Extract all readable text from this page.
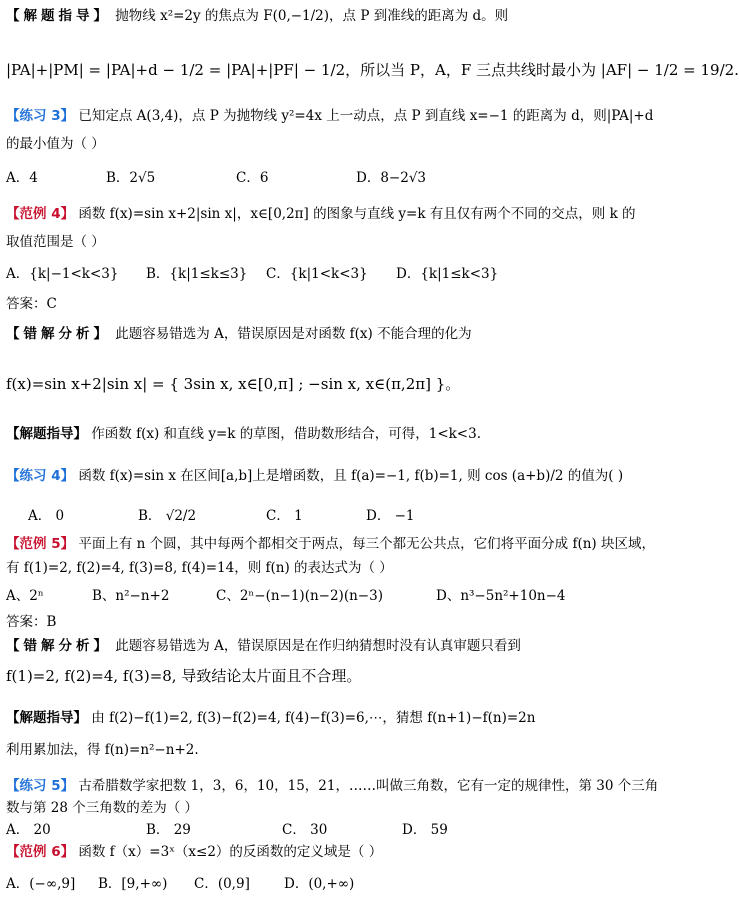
【解题指导】 抛物线 x²=2y 的焦点为 F(0,−1/2)，点 P 到准线的距离为 d。则
|PA|+|PM| = |PA|+d − 1/2 = |PA|+|PF| − 1/2，所以当 P，A，F 三点共线时最小为 |AF| − 1/2 = 19/2.
【练习 3】 已知定点 A(3,4)，点 P 为抛物线 y²=4x 上一动点，点 P 到直线 x=−1 的距离为 d，则|PA|+d
的最小值为（ ）
A．4	B．2√5	C．6	D．8−2√3
【范例 4】 函数 f(x)=sin x+2|sin x|，x∈[0,2π] 的图象与直线 y=k 有且仅有两个不同的交点，则 k 的
取值范围是（ ）
A．{k|−1<k<3}	B．{k|1≤k≤3}	C．{k|1<k<3}	D．{k|1≤k<3}
答案：C
【错解分析】 此题容易错选为 A，错误原因是对函数 f(x) 不能合理的化为
f(x)=sin x+2|sin x| = { 3sin x, x∈[0,π] ; −sin x, x∈(π,2π] }。
【解题指导】 作函数 f(x) 和直线 y=k 的草图，借助数形结合，可得，1<k<3.
【练习 4】 函数 f(x)=sin x 在区间[a,b]上是增函数，且 f(a)=−1, f(b)=1, 则 cos (a+b)/2 的值为( )
A． 0	B． √2/2	C． 1	D． −1
【范例 5】 平面上有 n 个圆，其中每两个都相交于两点，每三个都无公共点，它们将平面分成 f(n) 块区域，
有 f(1)=2, f(2)=4, f(3)=8, f(4)=14，则 f(n) 的表达式为（ ）
A、2ⁿ	B、n²−n+2	C、2ⁿ−(n−1)(n−2)(n−3)	D、n³−5n²+10n−4
答案：B
【错解分析】 此题容易错选为 A，错误原因是在作归纳猜想时没有认真审题只看到
f(1)=2, f(2)=4, f(3)=8, 导致结论太片面且不合理。
【解题指导】 由 f(2)−f(1)=2, f(3)−f(2)=4, f(4)−f(3)=6,⋯，猜想 f(n+1)−f(n)=2n
利用累加法，得 f(n)=n²−n+2.
【练习 5】 古希腊数学家把数 1，3，6，10，15，21，……叫做三角数，它有一定的规律性，第 30 个三角
数与第 28 个三角数的差为（ ）
A． 20	B． 29	C． 30	D． 59
【范例 6】 函数 f（x）=3ˣ（x≤2）的反函数的定义域是（ ）
A．(−∞,9]	B．[9,+∞)	C．(0,9]	D．(0,+∞)
